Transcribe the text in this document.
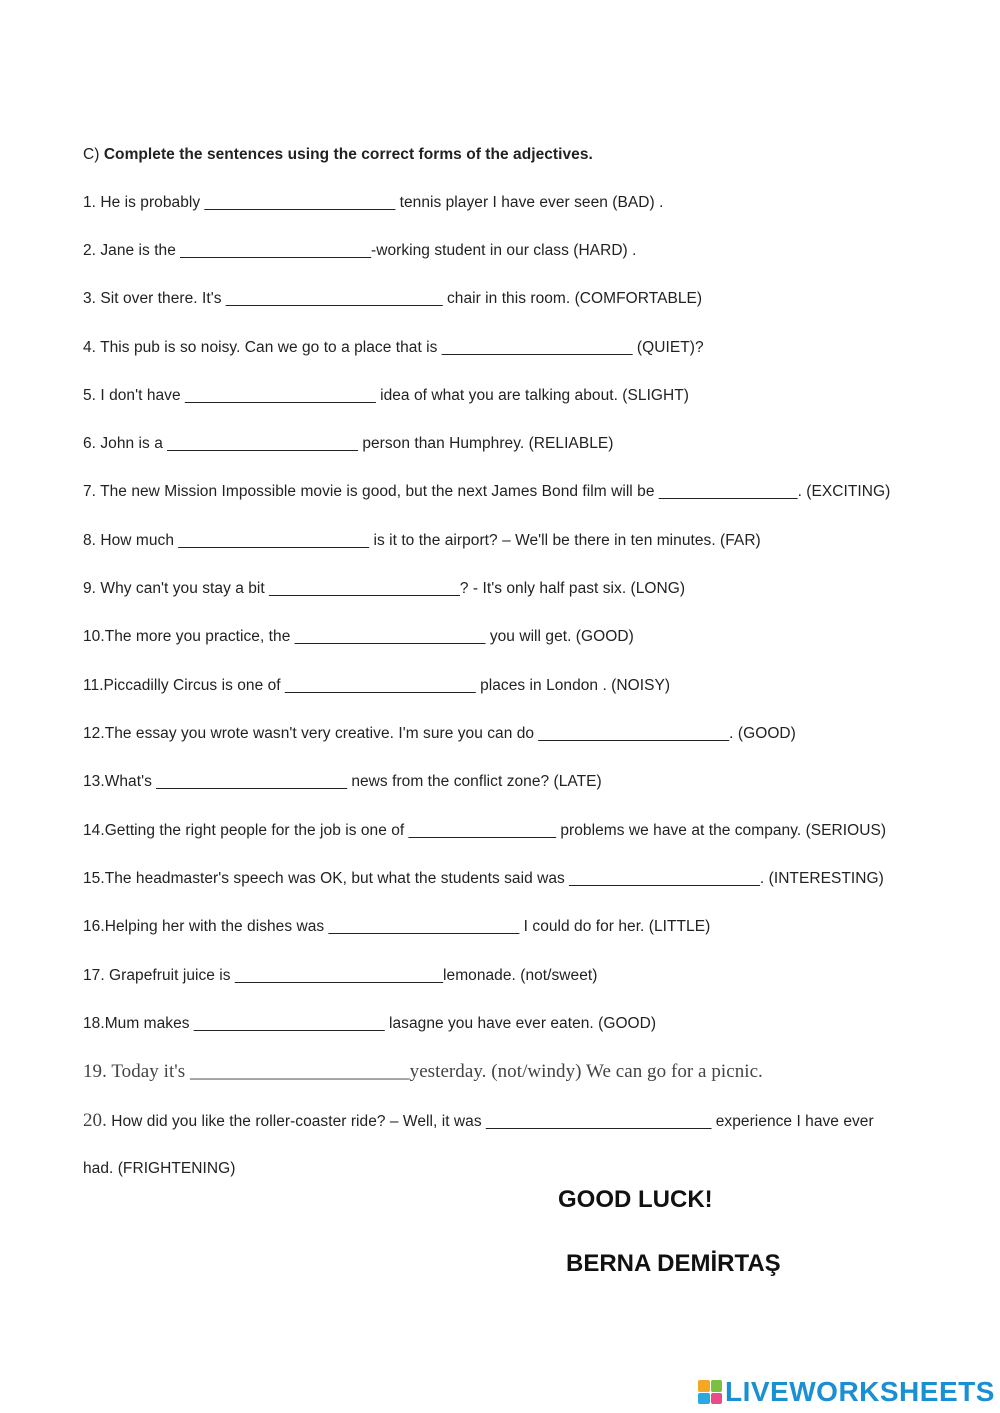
C) Complete the sentences using the correct forms of the adjectives.
1. He is probably ______________________ tennis player I have ever seen (BAD) .
2. Jane is the ______________________-working student in our class (HARD) .
3. Sit over there. It's _________________________ chair in this room. (COMFORTABLE)
4. This pub is so noisy. Can we go to a place that is ______________________ (QUIET)?
5. I don't have ______________________ idea of what you are talking about. (SLIGHT)
6. John is a ______________________ person than Humphrey. (RELIABLE)
7. The new Mission Impossible movie is good, but the next James Bond film will be ________________. (EXCITING)
8. How much ______________________ is it to the airport? – We'll be there in ten minutes. (FAR)
9. Why can't you stay a bit ______________________? - It's only half past six. (LONG)
10.The more you practice, the ______________________ you will get. (GOOD)
11.Piccadilly Circus is one of ______________________ places in London . (NOISY)
12.The essay you wrote wasn't very creative. I'm sure you can do ______________________. (GOOD)
13.What's ______________________ news from the conflict zone? (LATE)
14.Getting the right people for the job is one of _________________ problems we have at the company. (SERIOUS)
15.The headmaster's speech was OK, but what the students said was ______________________. (INTERESTING)
16.Helping her with the dishes was ______________________ I could do for her. (LITTLE)
17. Grapefruit juice is ________________________lemonade. (not/sweet)
18.Mum makes ______________________ lasagne you have ever eaten. (GOOD)
19. Today it's _______________________yesterday. (not/windy) We can go for a picnic.
20. How did you like the roller-coaster ride? – Well, it was __________________________ experience I have ever
had. (FRIGHTENING)
GOOD LUCK!
BERNA DEMİRTAŞ
LIVEWORKSHEETS
